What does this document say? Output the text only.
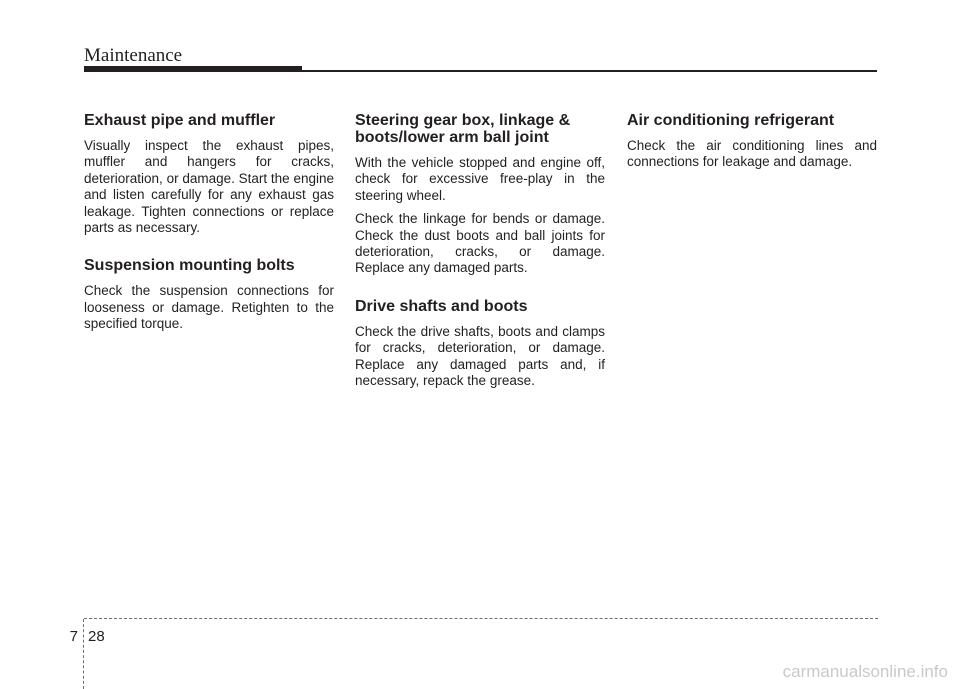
Maintenance
Exhaust pipe and muffler

Visually inspect the exhaust pipes, muffler and hangers for cracks, deterioration, or damage. Start the engine and listen carefully for any exhaust gas leakage. Tighten connections or replace parts as necessary.

Suspension mounting bolts

Check the suspension connections for looseness or damage. Retighten to the specified torque.

Steering gear box, linkage & boots/lower arm ball joint

With the vehicle stopped and engine off, check for excessive free-play in the steering wheel.

Check the linkage for bends or damage. Check the dust boots and ball joints for deterioration, cracks, or damage. Replace any damaged parts.

Drive shafts and boots

Check the drive shafts, boots and clamps for cracks, deterioration, or damage. Replace any damaged parts and, if necessary, repack the grease.

Air conditioning refrigerant

Check the air conditioning lines and connections for leakage and damage.

7 28
carmanualsonline.info
